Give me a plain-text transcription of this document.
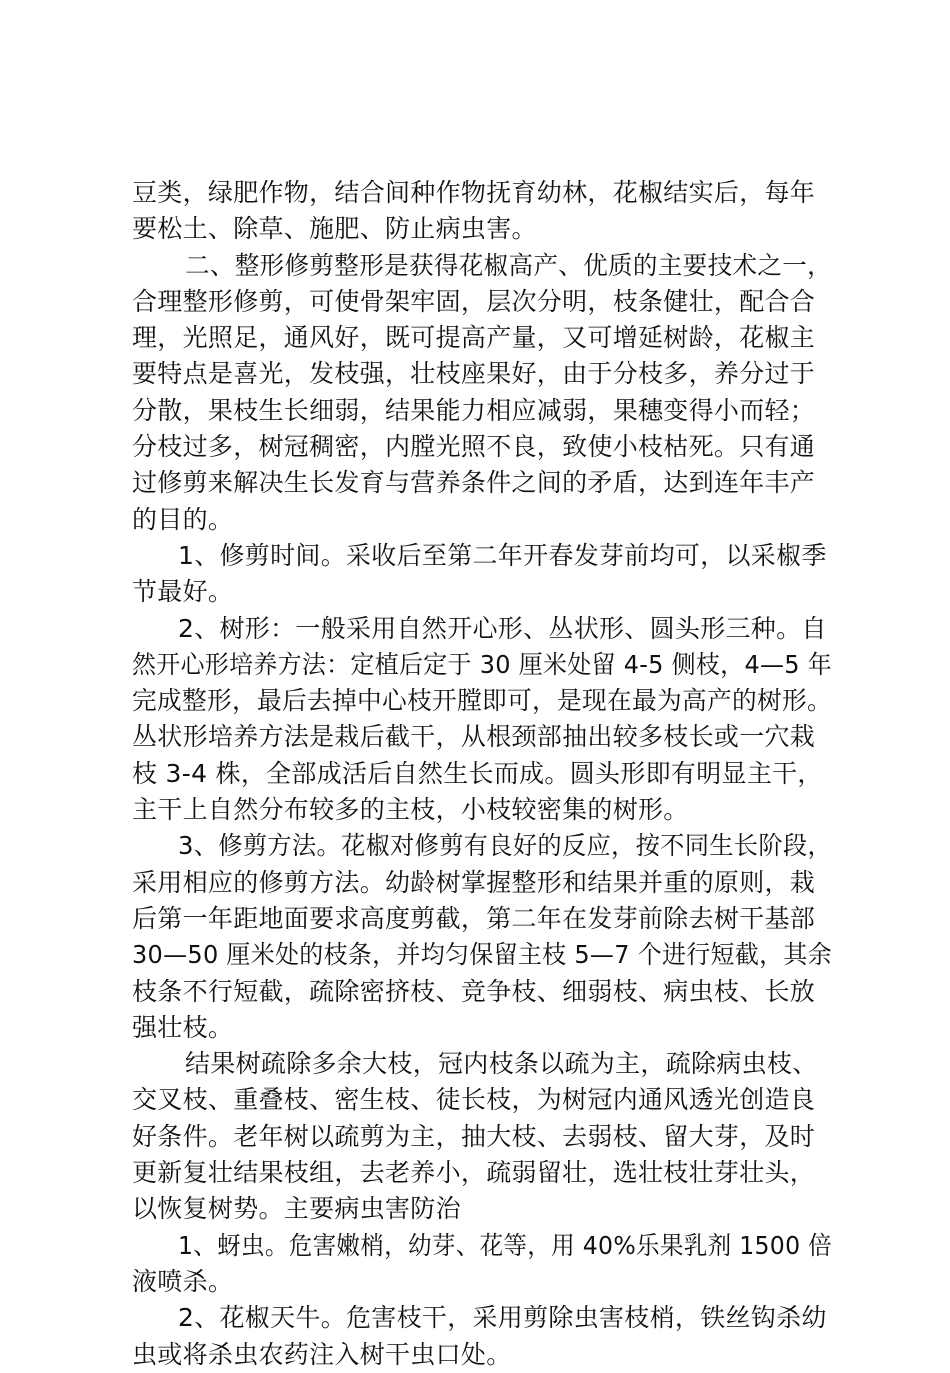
豆类，绿肥作物，结合间种作物抚育幼林，花椒结实后，每年
要松土、除草、施肥、防止病虫害。
二、整形修剪整形是获得花椒高产、优质的主要技术之一，
合理整形修剪，可使骨架牢固，层次分明，枝条健壮，配合合
理，光照足，通风好，既可提高产量，又可增延树龄，花椒主
要特点是喜光，发枝强，壮枝座果好，由于分枝多，养分过于
分散，果枝生长细弱，结果能力相应减弱，果穗变得小而轻；
分枝过多，树冠稠密，内膛光照不良，致使小枝枯死。只有通
过修剪来解决生长发育与营养条件之间的矛盾，达到连年丰产
的目的。
1、修剪时间。采收后至第二年开春发芽前均可，以采椒季
节最好。
2、树形：一般采用自然开心形、丛状形、圆头形三种。自
然开心形培养方法：定植后定于 30 厘米处留 4-5 侧枝，4—5 年
完成整形，最后去掉中心枝开膛即可，是现在最为高产的树形。
丛状形培养方法是栽后截干，从根颈部抽出较多枝长或一穴栽
枝 3-4 株，全部成活后自然生长而成。圆头形即有明显主干，
主干上自然分布较多的主枝，小枝较密集的树形。
3、修剪方法。花椒对修剪有良好的反应，按不同生长阶段，
采用相应的修剪方法。幼龄树掌握整形和结果并重的原则，栽
后第一年距地面要求高度剪截，第二年在发芽前除去树干基部
30—50 厘米处的枝条，并均匀保留主枝 5—7 个进行短截，其余
枝条不行短截，疏除密挤枝、竞争枝、细弱枝、病虫枝、长放
强壮枝。
结果树疏除多余大枝，冠内枝条以疏为主，疏除病虫枝、
交叉枝、重叠枝、密生枝、徒长枝，为树冠内通风透光创造良
好条件。老年树以疏剪为主，抽大枝、去弱枝、留大芽，及时
更新复壮结果枝组，去老养小，疏弱留壮，选壮枝壮芽壮头，
以恢复树势。主要病虫害防治
1、蚜虫。危害嫩梢，幼芽、花等，用 40%乐果乳剂 1500 倍
液喷杀。
2、花椒天牛。危害枝干，采用剪除虫害枝梢，铁丝钩杀幼
虫或将杀虫农药注入树干虫口处。
